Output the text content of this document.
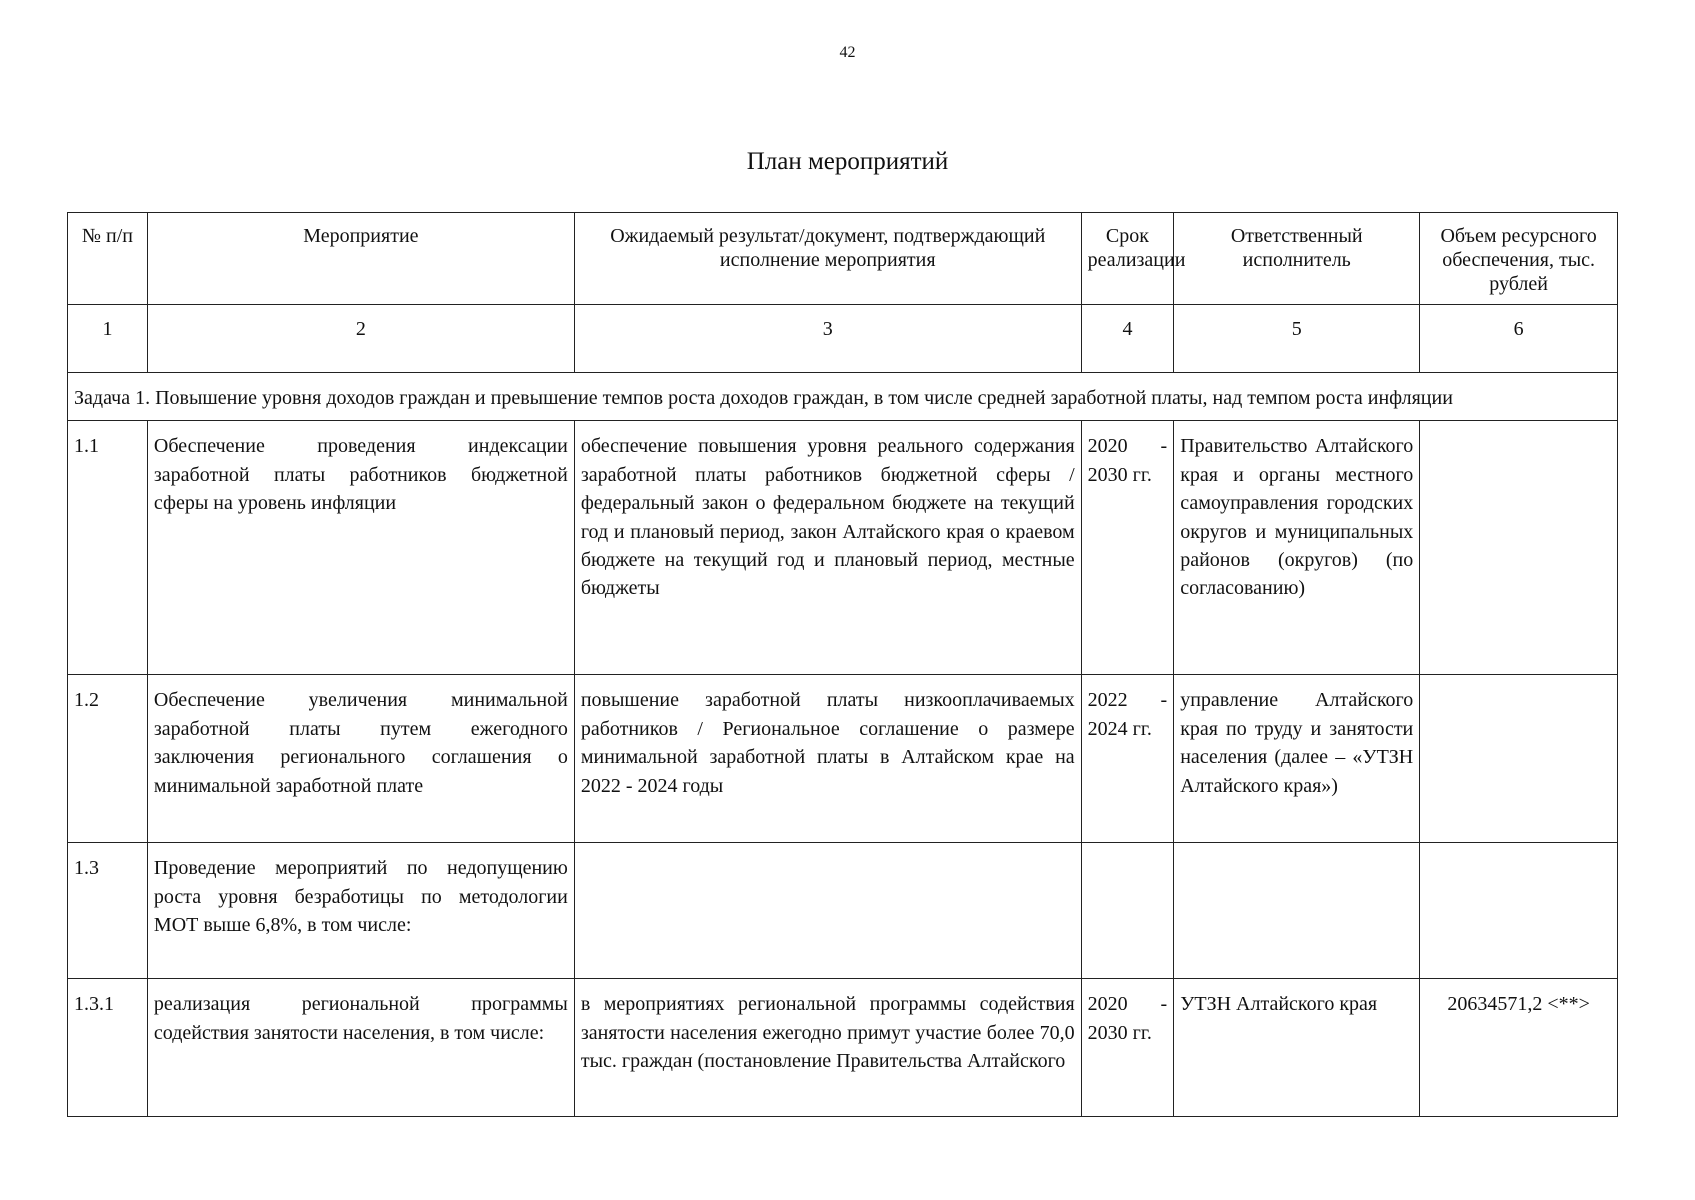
42
План мероприятий
№ п/п	Мероприятие	Ожидаемый результат/документ, подтверждающий исполнение мероприятия	Срок реализации	Ответственный исполнитель	Объем ресурсного обеспечения, тыс. рублей
1	2	3	4	5	6
Задача 1. Повышение уровня доходов граждан и превышение темпов роста доходов граждан, в том числе средней заработной платы, над темпом роста инфляции					
1.1	Обеспечение проведения индексации заработной платы работников бюджетной сферы на уровень инфляции	обеспечение повышения уровня реального содержания заработной платы работников бюджетной сферы / федеральный закон о федеральном бюджете на текущий год и плановый период, закон Алтайского края о краевом бюджете на текущий год и плановый период, местные бюджеты	2020 - 2030 гг.	Правительство Алтайского края и органы местного самоуправления городских округов и муниципальных районов (округов) (по согласованию)	
1.2	Обеспечение увеличения минимальной заработной платы путем ежегодного заключения регионального соглашения о минимальной заработной плате	повышение заработной платы низкооплачиваемых работников / Региональное соглашение о размере минимальной заработной платы в Алтайском крае на 2022 - 2024 годы	2022 - 2024 гг.	управление Алтайского края по труду и занятости населения (далее – «УТЗН Алтайского края»)	
1.3	Проведение мероприятий по недопущению роста уровня безработицы по методологии МОТ выше 6,8%, в том числе:				
1.3.1	реализация региональной программы содействия занятости населения, в том числе:	в мероприятиях региональной программы содействия занятости населения ежегодно примут участие более 70,0 тыс. граждан (постановление Правительства Алтайского	2020 - 2030 гг.	УТЗН Алтайского края	20634571,2 <**>
